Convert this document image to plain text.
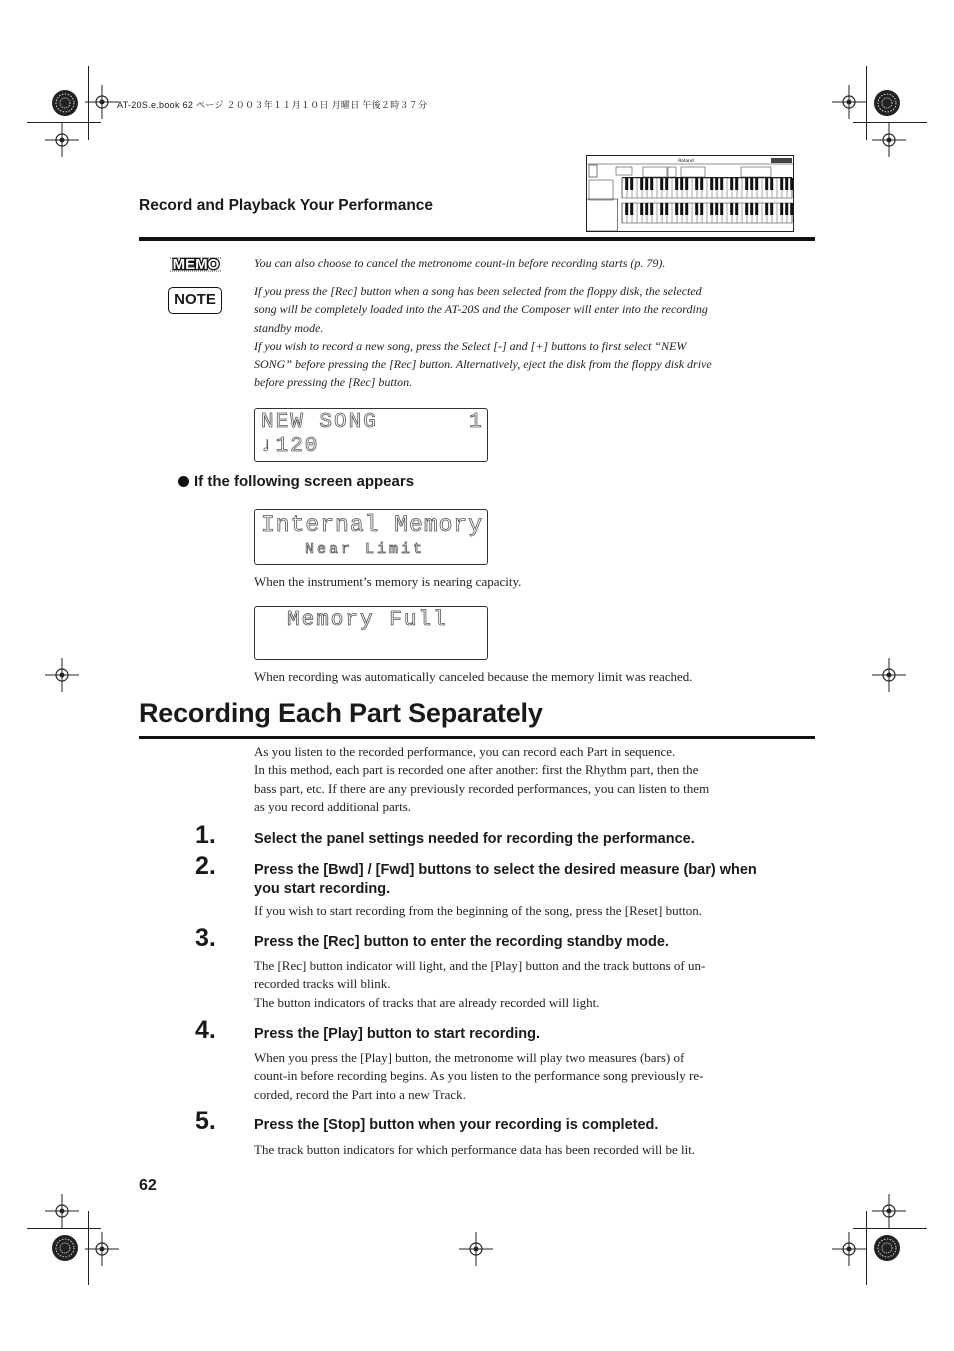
AT-20S.e.book 62 ページ ２００３年１１月１０日 月曜日 午後２時３７分
Record and Playback Your Performance
Roland
MEMO	You can also choose to cancel the metronome count-in before recording starts (p. 79).
NOTE	If you press the [Rec] button when a song has been selected from the floppy disk, the selected
song will be completely loaded into the AT-20S and the Composer will enter into the recording
standby mode.
If you wish to record a new song, press the Select [-] and [+] buttons to first select “NEW
SONG” before pressing the [Rec] button. Alternatively, eject the disk from the floppy disk drive
before pressing the [Rec] button.
NEW SONG	1
♩120
If the following screen appears
Internal Memory
Near Limit
When the instrument’s memory is nearing capacity.
Memory Full
When recording was automatically canceled because the memory limit was reached.
Recording Each Part Separately
As you listen to the recorded performance, you can record each Part in sequence.
In this method, each part is recorded one after another: first the Rhythm part, then the
bass part, etc. If there are any previously recorded performances, you can listen to them
as you record additional parts.
1.	Select the panel settings needed for recording the performance.
2.	Press the [Bwd] / [Fwd] buttons to select the desired measure (bar) when you start recording.
If you wish to start recording from the beginning of the song, press the [Reset] button.
3.	Press the [Rec] button to enter the recording standby mode.
The [Rec] button indicator will light, and the [Play] button and the track buttons of un-
recorded tracks will blink.
The button indicators of tracks that are already recorded will light.
4.	Press the [Play] button to start recording.
When you press the [Play] button, the metronome will play two measures (bars) of
count-in before recording begins. As you listen to the performance song previously re-
corded, record the Part into a new Track.
5.	Press the [Stop] button when your recording is completed.
The track button indicators for which performance data has been recorded will be lit.
62
